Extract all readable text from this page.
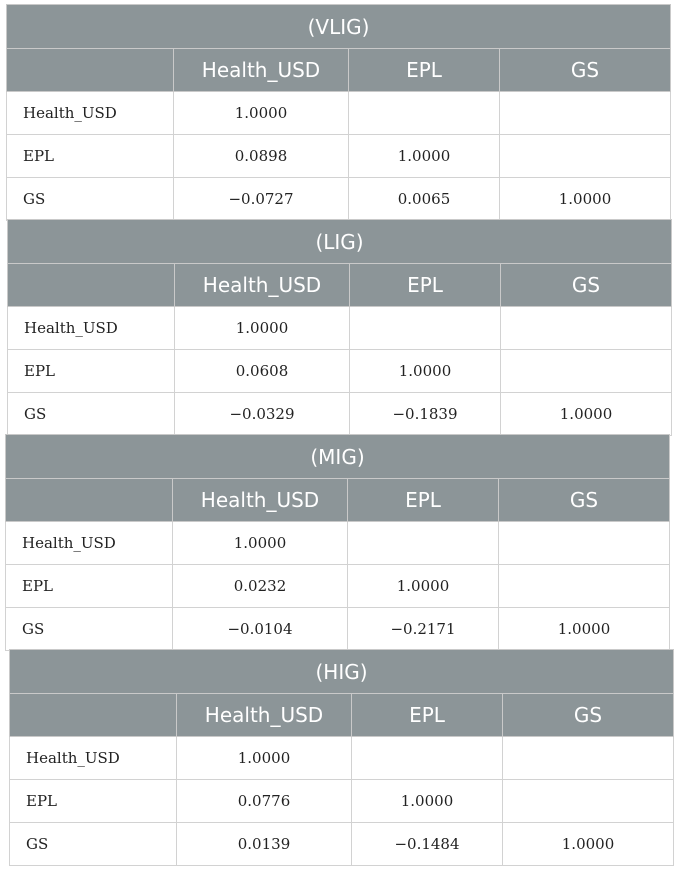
(VLIG)			
	Health_USD	EPL	GS
Health_USD	1.0000		
EPL	0.0898	1.0000	
GS	−0.0727	0.0065	1.0000
(LIG)			
	Health_USD	EPL	GS
Health_USD	1.0000		
EPL	0.0608	1.0000	
GS	−0.0329	−0.1839	1.0000
(MIG)			
	Health_USD	EPL	GS
Health_USD	1.0000		
EPL	0.0232	1.0000	
GS	−0.0104	−0.2171	1.0000
(HIG)			
	Health_USD	EPL	GS
Health_USD	1.0000		
EPL	0.0776	1.0000	
GS	0.0139	−0.1484	1.0000
